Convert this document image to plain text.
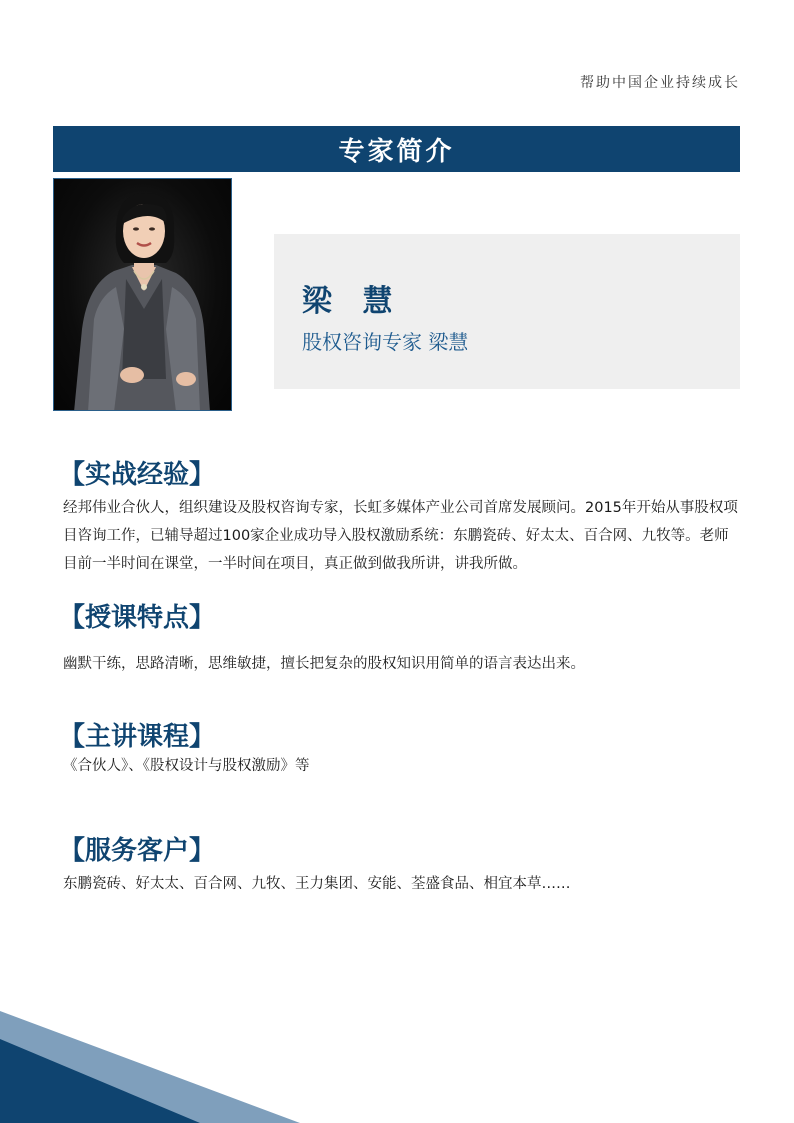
帮助中国企业持续成长
专家简介
梁 慧
股权咨询专家 梁慧
【实战经验】
经邦伟业合伙人，组织建设及股权咨询专家，长虹多媒体产业公司首席发展顾问。2015年开始从事股权项目咨询工作，已辅导超过100家企业成功导入股权激励系统：东鹏瓷砖、好太太、百合网、九牧等。老师目前一半时间在课堂，一半时间在项目，真正做到做我所讲，讲我所做。
【授课特点】
幽默干练，思路清晰，思维敏捷，擅长把复杂的股权知识用简单的语言表达出来。
【主讲课程】
《合伙人》、《股权设计与股权激励》等
【服务客户】
东鹏瓷砖、好太太、百合网、九牧、王力集团、安能、荃盛食品、相宜本草……
